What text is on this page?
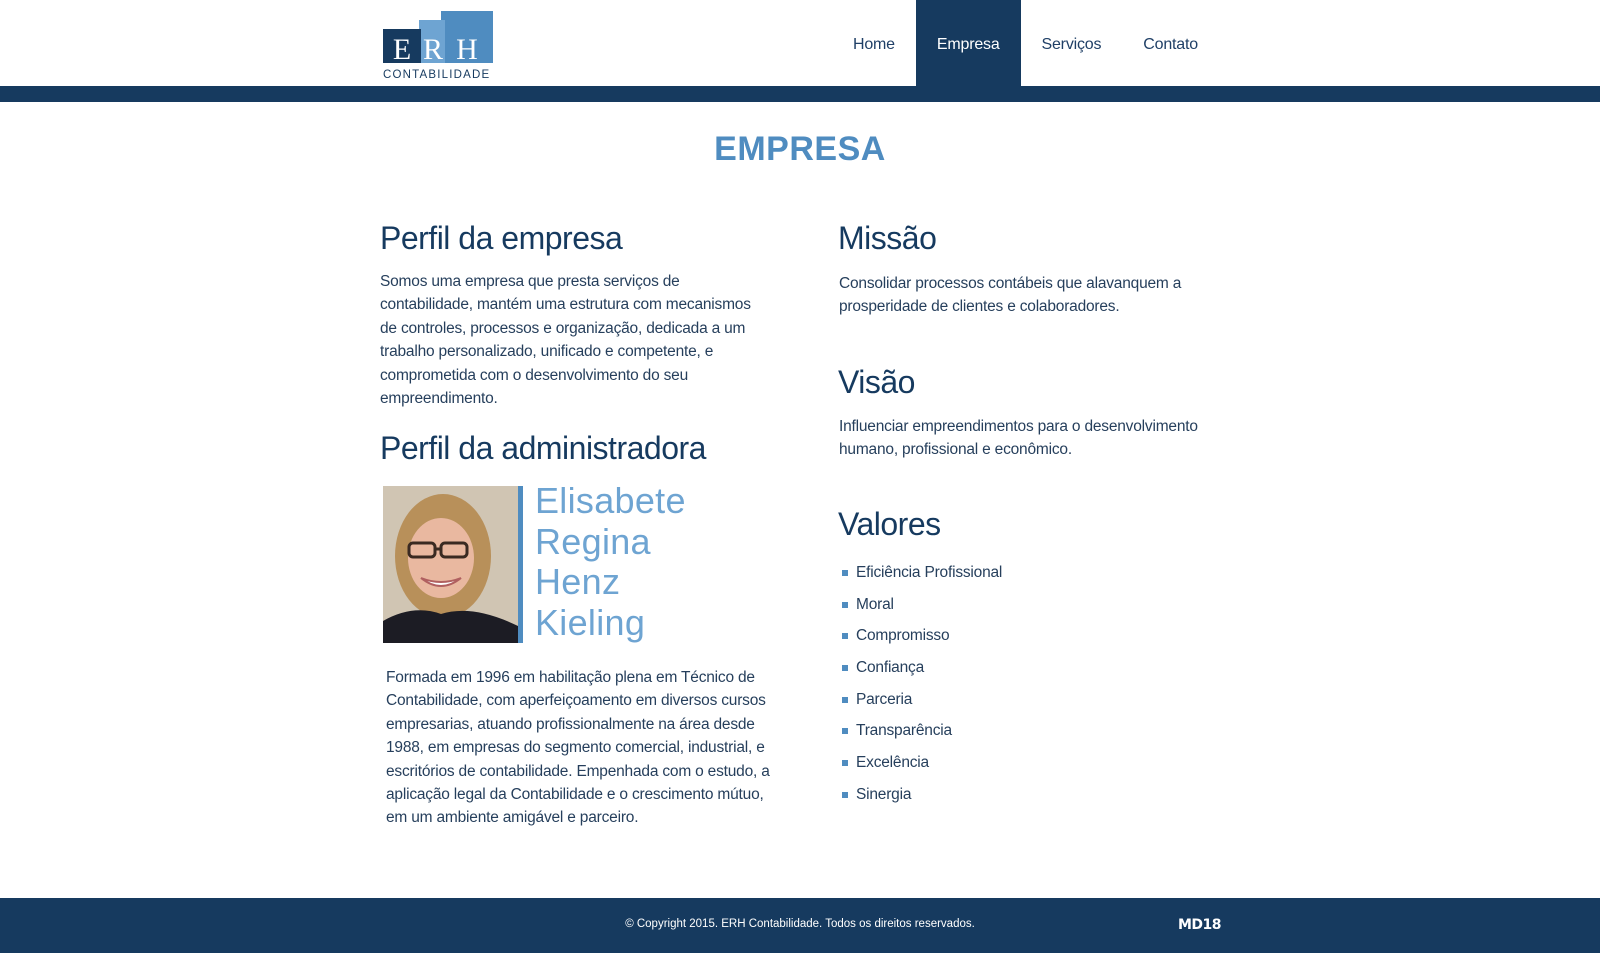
E R H
CONTABILIDADE
Home	Empresa	Serviços	Contato
EMPRESA
Perfil da empresa

Somos uma empresa que presta serviços de contabilidade, mantém uma estrutura com mecanismos de controles, processos e organização, dedicada a um trabalho personalizado, unificado e competente, e comprometida com o desenvolvimento do seu empreendimento.

Perfil da administradora
Elisabete
Regina
Henz
Kieling

Formada em 1996 em habilitação plena em Técnico de Contabilidade, com aperfeiçoamento em diversos cursos empresarias, atuando profissionalmente na área desde 1988, em empresas do segmento comercial, industrial, e escritórios de contabilidade. Empenhada com o estudo, a aplicação legal da Contabilidade e o crescimento mútuo, em um ambiente amigável e parceiro.

Missão

Consolidar processos contábeis que alavanquem a prosperidade de clientes e colaboradores.

Visão

Influenciar empreendimentos para o desenvolvimento humano, profissional e econômico.

Valores
Eficiência Profissional
Moral
Compromisso
Confiança
Parceria
Transparência
Excelência
Sinergia
© Copyright 2015. ERH Contabilidade. Todos os direitos reservados.	MD18
